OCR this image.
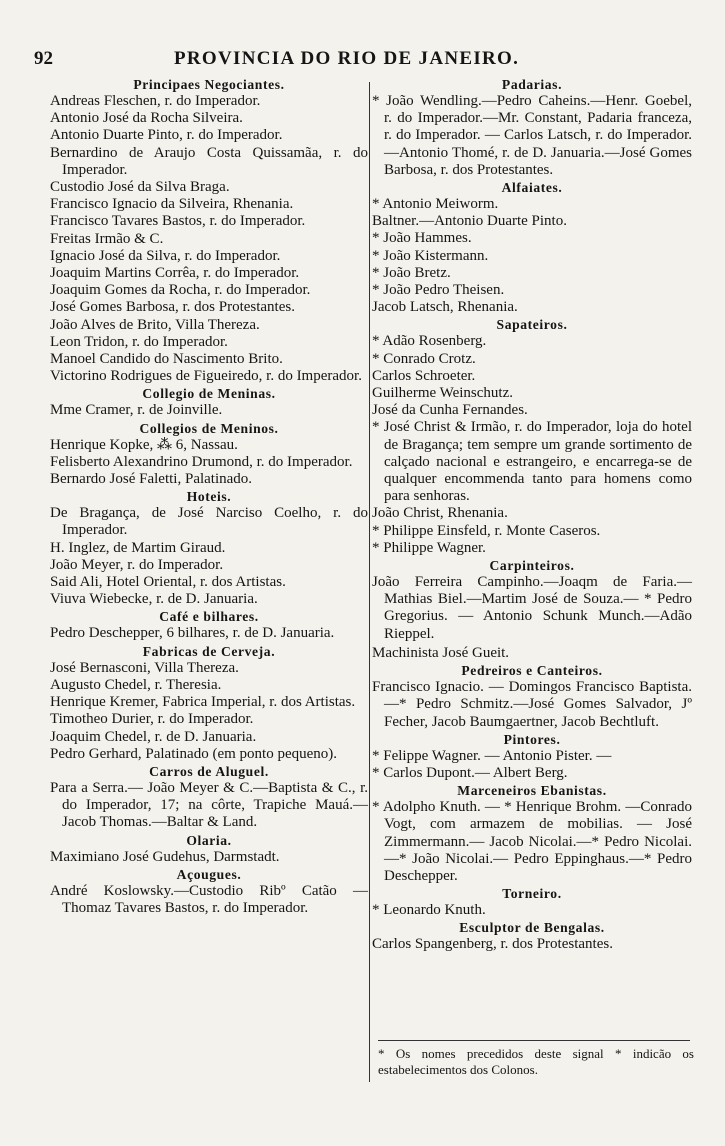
92	PROVINCIA DO RIO DE JANEIRO.
Principaes Negociantes.
Andreas Fleschen, r. do Imperador.
Antonio José da Rocha Silveira.
Antonio Duarte Pinto, r. do Imperador.
Bernardino de Araujo Costa Quissamãa, r. do Imperador.
Custodio José da Silva Braga.
Francisco Ignacio da Silveira, Rhenania.
Francisco Tavares Bastos, r. do Imperador.
Freitas Irmão & C.
Ignacio José da Silva, r. do Imperador.
Joaquim Martins Corrêa, r. do Imperador.
Joaquim Gomes da Rocha, r. do Imperador.
José Gomes Barbosa, r. dos Protestantes.
João Alves de Brito, Villa Thereza.
Leon Tridon, r. do Imperador.
Manoel Candido do Nascimento Brito.
Victorino Rodrigues de Figueiredo, r. do Imperador.
Collegio de Meninas.
Mme Cramer, r. de Joinville.
Collegios de Meninos.
Henrique Kopke, ⁂ 6, Nassau.
Felisberto Alexandrino Drumond, r. do Imperador.
Bernardo José Faletti, Palatinado.
Hoteis.
De Bragança, de José Narciso Coelho, r. do Imperador.
H. Inglez, de Martim Giraud.
João Meyer, r. do Imperador.
Said Ali, Hotel Oriental, r. dos Artistas.
Viuva Wiebecke, r. de D. Januaria.
Café e bilhares.
Pedro Deschepper, 6 bilhares, r. de D. Januaria.
Fabricas de Cerveja.
José Bernasconi, Villa Thereza.
Augusto Chedel, r. Theresia.
Henrique Kremer, Fabrica Imperial, r. dos Artistas.
Timotheo Durier, r. do Imperador.
Joaquim Chedel, r. de D. Januaria.
Pedro Gerhard, Palatinado (em ponto pequeno).
Carros de Aluguel.
Para a Serra.— João Meyer & C.—Baptista & C., r. do Imperador, 17; na côrte, Trapiche Mauá.—Jacob Thomas.—Baltar & Land.
Olaria.
Maximiano José Gudehus, Darmstadt.
Açougues.
André Koslowsky.—Custodio Ribº Catão — Thomaz Tavares Bastos, r. do Imperador.
Padarias.
* João Wendling.—Pedro Caheins.—Henr. Goebel, r. do Imperador.—Mr. Constant, Padaria franceza, r. do Imperador. — Carlos Latsch, r. do Imperador.—Antonio Thomé, r. de D. Januaria.—José Gomes Barbosa, r. dos Protestantes.
Alfaiates.
* Antonio Meiworm.
Baltner.—Antonio Duarte Pinto.
* João Hammes.
* João Kistermann.
* João Bretz.
* João Pedro Theisen.
Jacob Latsch, Rhenania.
Sapateiros.
* Adão Rosenberg.
* Conrado Crotz.
Carlos Schroeter.
Guilherme Weinschutz.
José da Cunha Fernandes.
* José Christ & Irmão, r. do Imperador, loja do hotel de Bragança; tem sempre um grande sortimento de calçado nacional e estrangeiro, e encarrega-se de qualquer encommenda tanto para homens como para senhoras.
João Christ, Rhenania.
* Philippe Einsfeld, r. Monte Caseros.
* Philippe Wagner.
Carpinteiros.
João Ferreira Campinho.—Joaqm de Faria.— Mathias Biel.—Martim José de Souza.— * Pedro Gregorius. — Antonio Schunk Munch.—Adão Rieppel.
Machinista José Gueit.
Pedreiros e Canteiros.
Francisco Ignacio. — Domingos Francisco Baptista.—* Pedro Schmitz.—José Gomes Salvador, Jº Fecher, Jacob Baumgaertner, Jacob Bechtluft.
Pintores.
* Felippe Wagner. — Antonio Pister. —
* Carlos Dupont.— Albert Berg.
Marceneiros Ebanistas.
* Adolpho Knuth. — * Henrique Brohm. —Conrado Vogt, com armazem de mobilias. — José Zimmermann.— Jacob Nicolai.—* Pedro Nicolai.—* João Nicolai.— Pedro Eppinghaus.—* Pedro Deschepper.
Torneiro.
* Leonardo Knuth.
Esculptor de Bengalas.
Carlos Spangenberg, r. dos Protestantes.
* Os nomes precedidos deste signal * indicão os estabelecimentos dos Colonos.
